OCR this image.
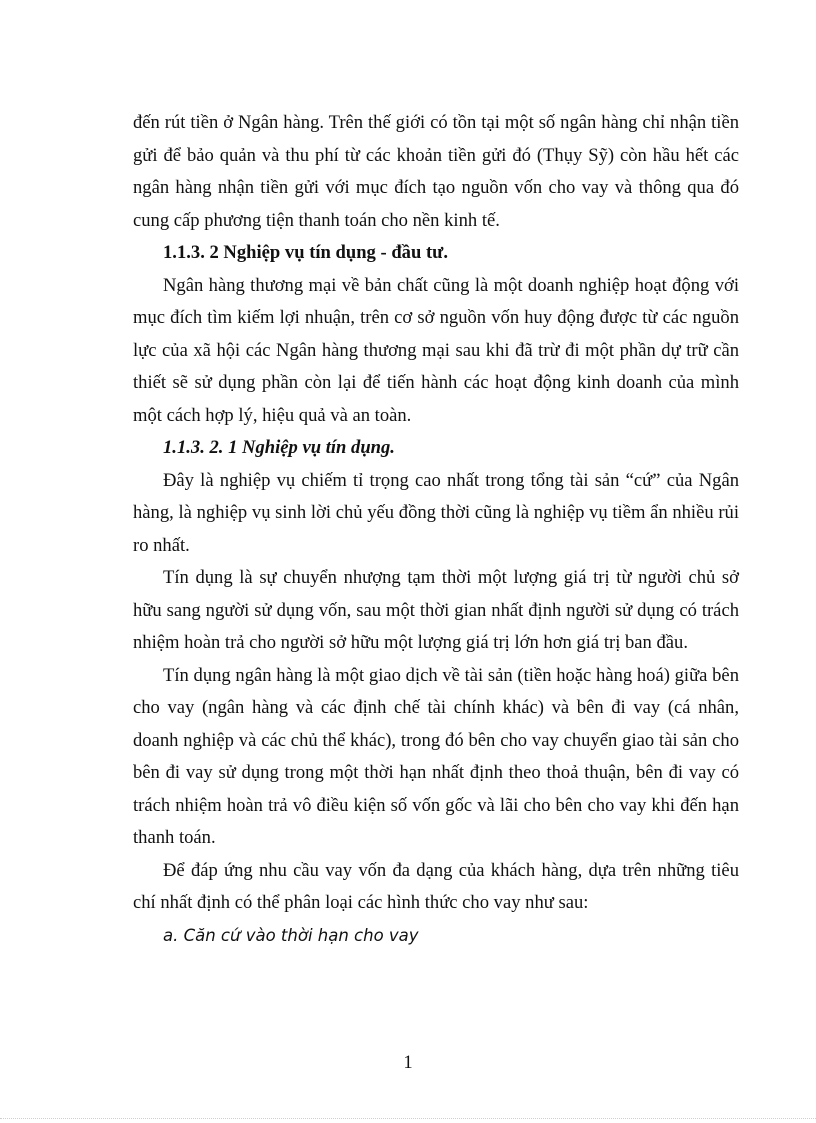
đến rút tiền ở Ngân hàng. Trên thế giới có tồn tại một số ngân hàng chỉ nhận tiền gửi để bảo quản và thu phí từ các khoản tiền gửi đó (Thụy Sỹ) còn hầu hết các ngân hàng nhận tiền gửi với mục đích tạo nguồn vốn cho vay và thông qua đó cung cấp phương tiện thanh toán cho nền kinh tế.

1.1.3. 2 Nghiệp vụ tín dụng - đầu tư.

Ngân hàng thương mại về bản chất cũng là một doanh nghiệp hoạt động với mục đích tìm kiếm lợi nhuận, trên cơ sở nguồn vốn huy động được từ các nguồn lực của xã hội các Ngân hàng thương mại sau khi đã trừ đi một phần dự trữ cần thiết sẽ sử dụng phần còn lại để tiến hành các hoạt động kinh doanh của mình một cách hợp lý, hiệu quả và an toàn.

1.1.3. 2. 1 Nghiệp vụ tín dụng.

Đây là nghiệp vụ chiếm tỉ trọng cao nhất trong tổng tài sản “cứ” của Ngân hàng, là nghiệp vụ sinh lời chủ yếu đồng thời cũng là nghiệp vụ tiềm ẩn nhiều rủi ro nhất.

Tín dụng là sự chuyển nhượng tạm thời một lượng giá trị từ người chủ sở hữu sang người sử dụng vốn, sau một thời gian nhất định người sử dụng có trách nhiệm hoàn trả cho người sở hữu một lượng giá trị lớn hơn giá trị ban đầu.

Tín dụng ngân hàng là một giao dịch về tài sản (tiền hoặc hàng hoá) giữa bên cho vay (ngân hàng và các định chế tài chính khác) và bên đi vay (cá nhân, doanh nghiệp và các chủ thể khác), trong đó bên cho vay chuyển giao tài sản cho bên đi vay sử dụng trong một thời hạn nhất định theo thoả thuận, bên đi vay có trách nhiệm hoàn trả vô điều kiện số vốn gốc và lãi cho bên cho vay khi đến hạn thanh toán.

Để đáp ứng nhu cầu vay vốn đa dạng của khách hàng, dựa trên những tiêu chí nhất định có thể phân loại các hình thức cho vay như sau:

a. Căn cứ vào thời hạn cho vay

1
